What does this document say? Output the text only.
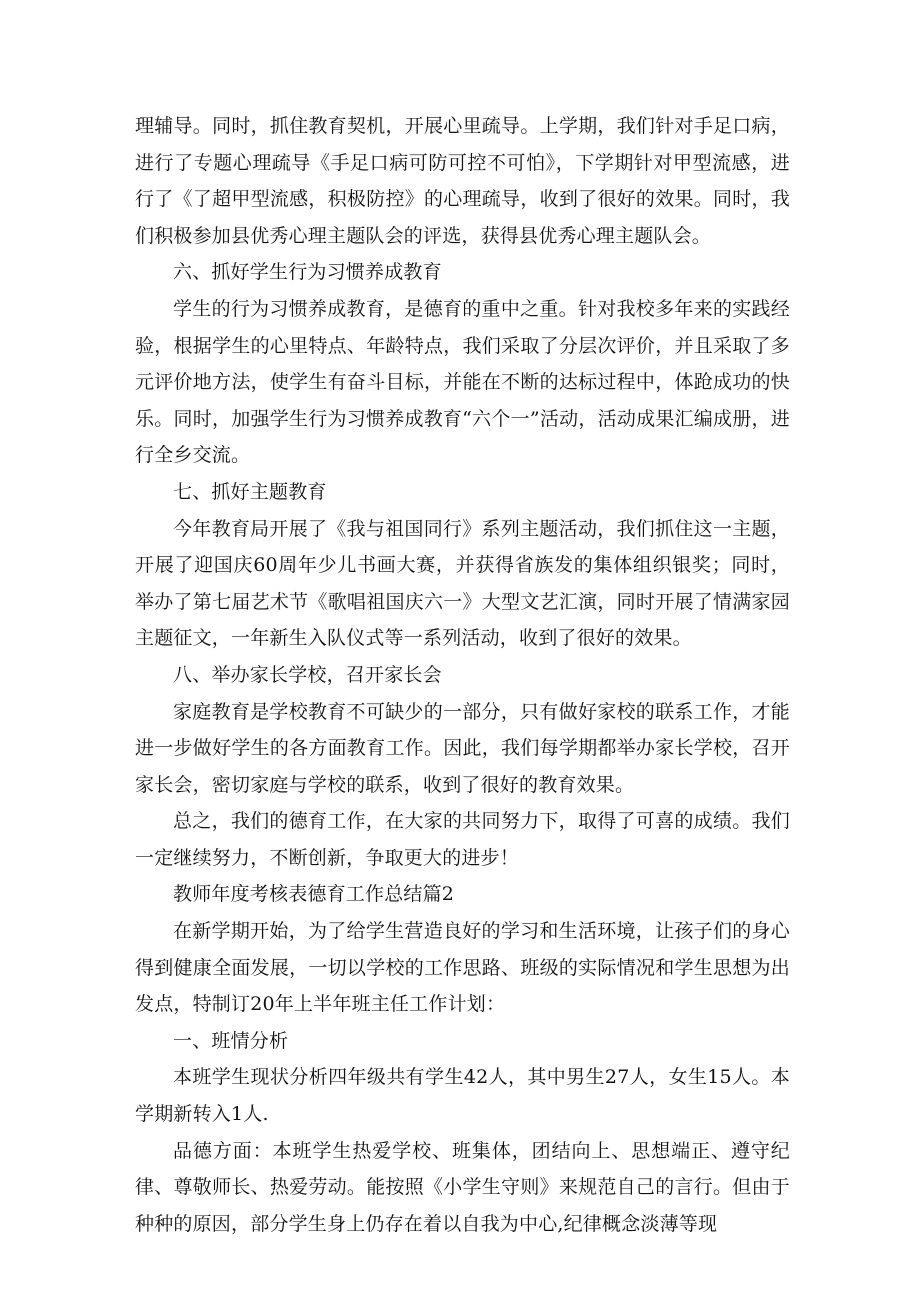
理辅导。同时，抓住教育契机，开展心里疏导。上学期，我们针对手足口病，进行了专题心理疏导《手足口病可防可控不可怕》，下学期针对甲型流感，进行了《了超甲型流感，积极防控》的心理疏导，收到了很好的效果。同时，我们积极参加县优秀心理主题队会的评选，获得县优秀心理主题队会。

六、抓好学生行为习惯养成教育

学生的行为习惯养成教育，是德育的重中之重。针对我校多年来的实践经验，根据学生的心里特点、年龄特点，我们采取了分层次评价，并且采取了多元评价地方法，使学生有奋斗目标，并能在不断的达标过程中，体跄成功的快乐。同时，加强学生行为习惯养成教育“六个一”活动，活动成果汇编成册，进行全乡交流。

七、抓好主题教育

今年教育局开展了《我与祖国同行》系列主题活动，我们抓住这一主题，开展了迎国庆60周年少儿书画大赛，并获得省族发的集体组织银奖；同时，举办了第七届艺术节《歌唱祖国庆六一》大型文艺汇演，同时开展了情满家园主题征文，一年新生入队仪式等一系列活动，收到了很好的效果。

八、举办家长学校，召开家长会

家庭教育是学校教育不可缺少的一部分，只有做好家校的联系工作，才能进一步做好学生的各方面教育工作。因此，我们每学期都举办家长学校，召开家长会，密切家庭与学校的联系，收到了很好的教育效果。

总之，我们的德育工作，在大家的共同努力下，取得了可喜的成绩。我们一定继续努力，不断创新，争取更大的进步！

教师年度考核表德育工作总结篇2

在新学期开始，为了给学生营造良好的学习和生活环境，让孩子们的身心得到健康全面发展，一切以学校的工作思路、班级的实际情况和学生思想为出发点，特制订20年上半年班主任工作计划：

一、班情分析

本班学生现状分析四年级共有学生42人，其中男生27人，女生15人。本学期新转入1人.

品德方面：本班学生热爱学校、班集体，团结向上、思想端正、遵守纪律、尊敬师长、热爱劳动。能按照《小学生守则》来规范自己的言行。但由于种种的原因，部分学生身上仍存在着以自我为中心,纪律概念淡薄等现
